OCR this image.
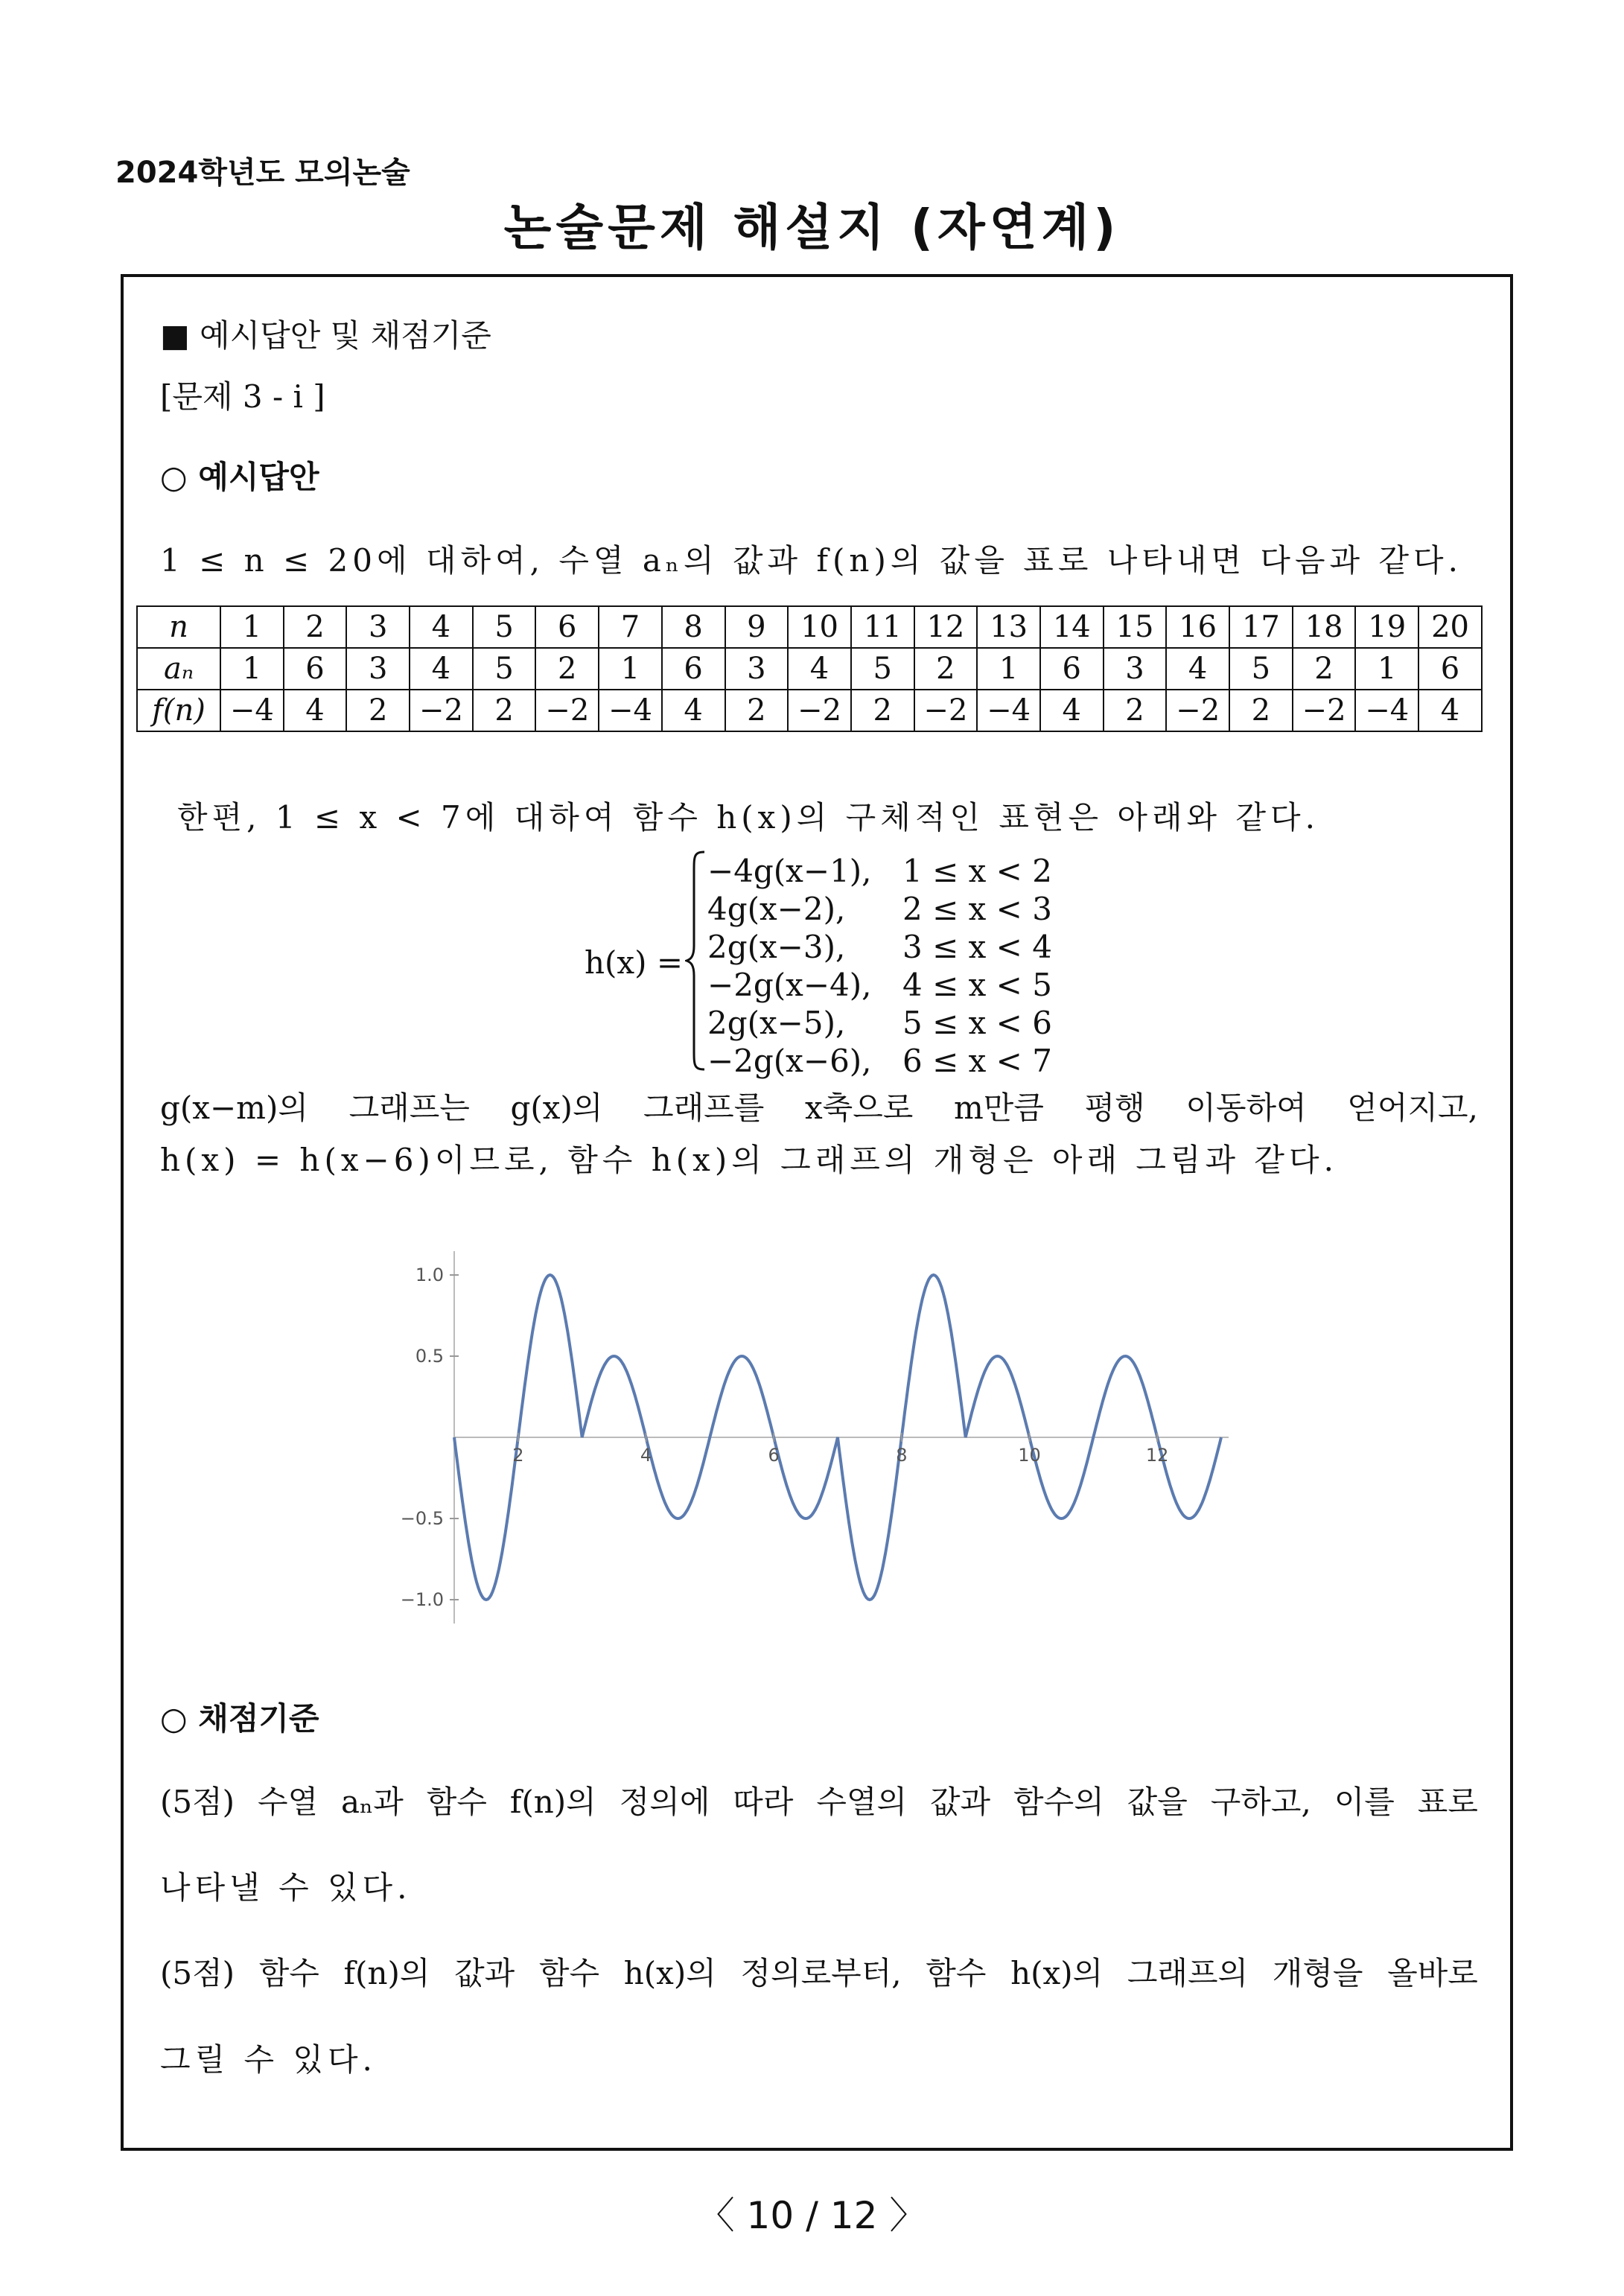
2024학년도 모의논술
논술문제 해설지 (자연계)
■ 예시답안 및 채점기준
[문제 3 - i ]
○ 예시답안
1 ≤ n ≤ 20에 대하여, 수열 aₙ의 값과 f(n)의 값을 표로 나타내면 다음과 같다.
n	1	2	3	4	5	6	7	8	9	10	11	12	13	14	15	16	17	18	19	20
aₙ	1	6	3	4	5	2	1	6	3	4	5	2	1	6	3	4	5	2	1	6
f(n)	−4	4	2	−2	2	−2	−4	4	2	−2	2	−2	−4	4	2	−2	2	−2	−4	4
한편, 1 ≤ x < 7에 대하여 함수 h(x)의 구체적인 표현은 아래와 같다.
h(x) =
−4g(x−1), 1 ≤ x < 2
4g(x−2), 2 ≤ x < 3
2g(x−3), 3 ≤ x < 4
−2g(x−4), 4 ≤ x < 5
2g(x−5), 5 ≤ x < 6
−2g(x−6), 6 ≤ x < 7
g(x−m)의 그래프는 g(x)의 그래프를 x축으로 m만큼 평행 이동하여 얻어지고,
h(x) = h(x−6)이므로, 함수 h(x)의 그래프의 개형은 아래 그림과 같다.
2	4	6	8	10	12
1.0
0.5
−0.5
−1.0
○ 채점기준
(5점) 수열 aₙ과 함수 f(n)의 정의에 따라 수열의 값과 함수의 값을 구하고, 이를 표로
나타낼 수 있다.
(5점) 함수 f(n)의 값과 함수 h(x)의 정의로부터, 함수 h(x)의 그래프의 개형을 올바로
그릴 수 있다.
〈 10 / 12 〉
